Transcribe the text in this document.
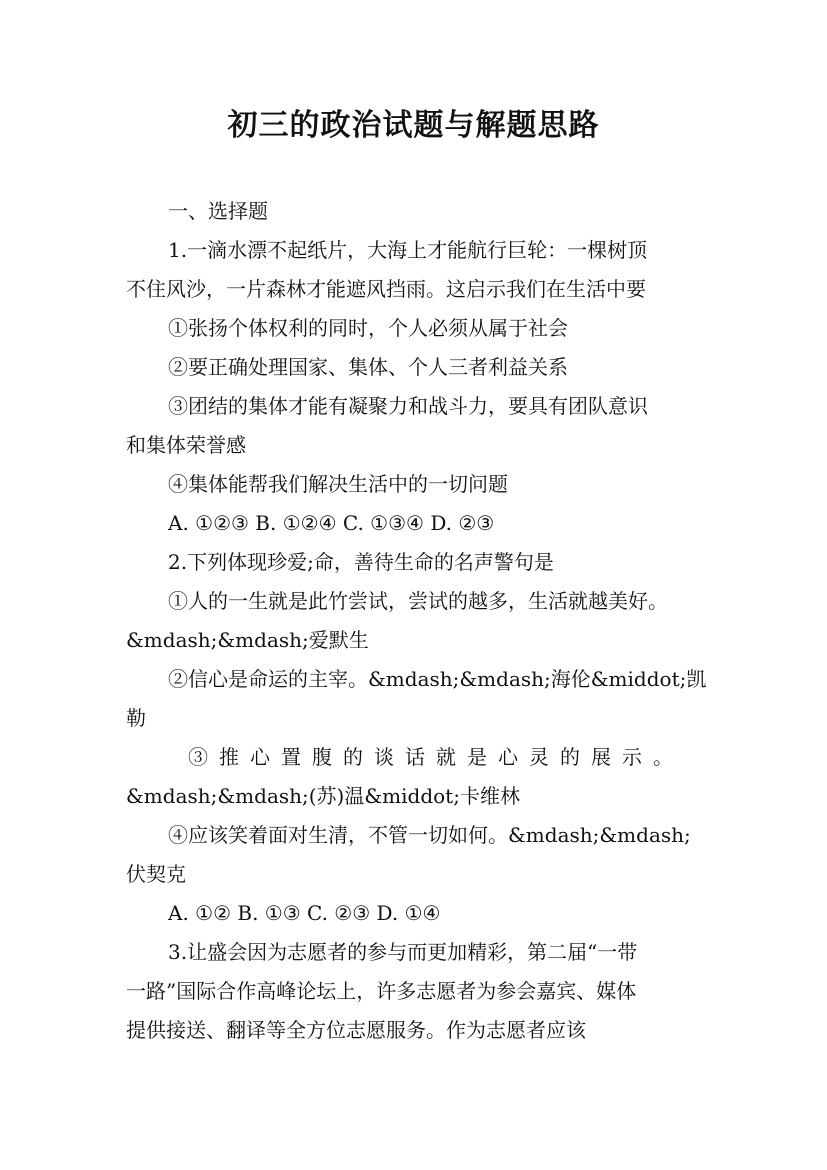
初三的政治试题与解题思路
一、选择题
1.一滴水漂不起纸片，大海上才能航行巨轮：一棵树顶
不住风沙，一片森林才能遮风挡雨。这启示我们在生活中要
①张扬个体权利的同时，个人必须从属于社会
②要正确处理国家、集体、个人三者利益关系
③团结的集体才能有凝聚力和战斗力，要具有团队意识
和集体荣誉感
④集体能帮我们解决生活中的一切问题
A. ①②③ B. ①②④ C. ①③④ D. ②③
2.下列体现珍爱;命，善待生命的名声警句是
①人的一生就是此竹尝试，尝试的越多，生活就越美好。
&mdash;&mdash;爱默生
②信心是命运的主宰。&mdash;&mdash;海伦&middot;凯
勒
③推心置腹的谈话就是心灵的展示。
&mdash;&mdash;(苏)温&middot;卡维林
④应该笑着面对生清，不管一切如何。&mdash;&mdash;
伏契克
A. ①② B. ①③ C. ②③ D. ①④
3.让盛会因为志愿者的参与而更加精彩，第二届“一带
一路”国际合作高峰论坛上，许多志愿者为参会嘉宾、媒体
提供接送、翻译等全方位志愿服务。作为志愿者应该
